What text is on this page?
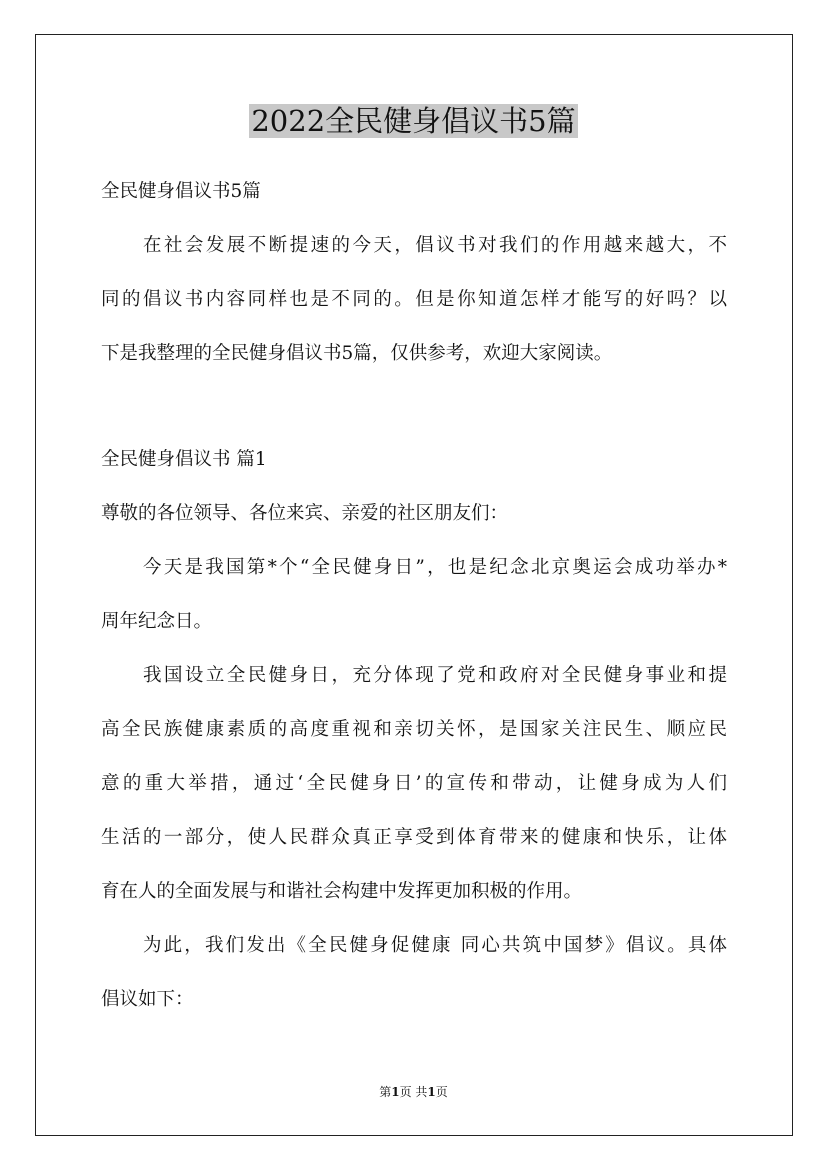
2022全民健身倡议书5篇
全民健身倡议书5篇
在社会发展不断提速的今天，倡议书对我们的作用越来越大，不
同的倡议书内容同样也是不同的。但是你知道怎样才能写的好吗？以
下是我整理的全民健身倡议书5篇，仅供参考，欢迎大家阅读。
全民健身倡议书 篇1
尊敬的各位领导、各位来宾、亲爱的社区朋友们：
今天是我国第*个“全民健身日”，也是纪念北京奥运会成功举办*
周年纪念日。
我国设立全民健身日，充分体现了党和政府对全民健身事业和提
高全民族健康素质的高度重视和亲切关怀，是国家关注民生、顺应民
意的重大举措，通过‘全民健身日’的宣传和带动，让健身成为人们
生活的一部分，使人民群众真正享受到体育带来的健康和快乐，让体
育在人的全面发展与和谐社会构建中发挥更加积极的作用。
为此，我们发出《全民健身促健康 同心共筑中国梦》倡议。具体
倡议如下：
第1页 共1页
